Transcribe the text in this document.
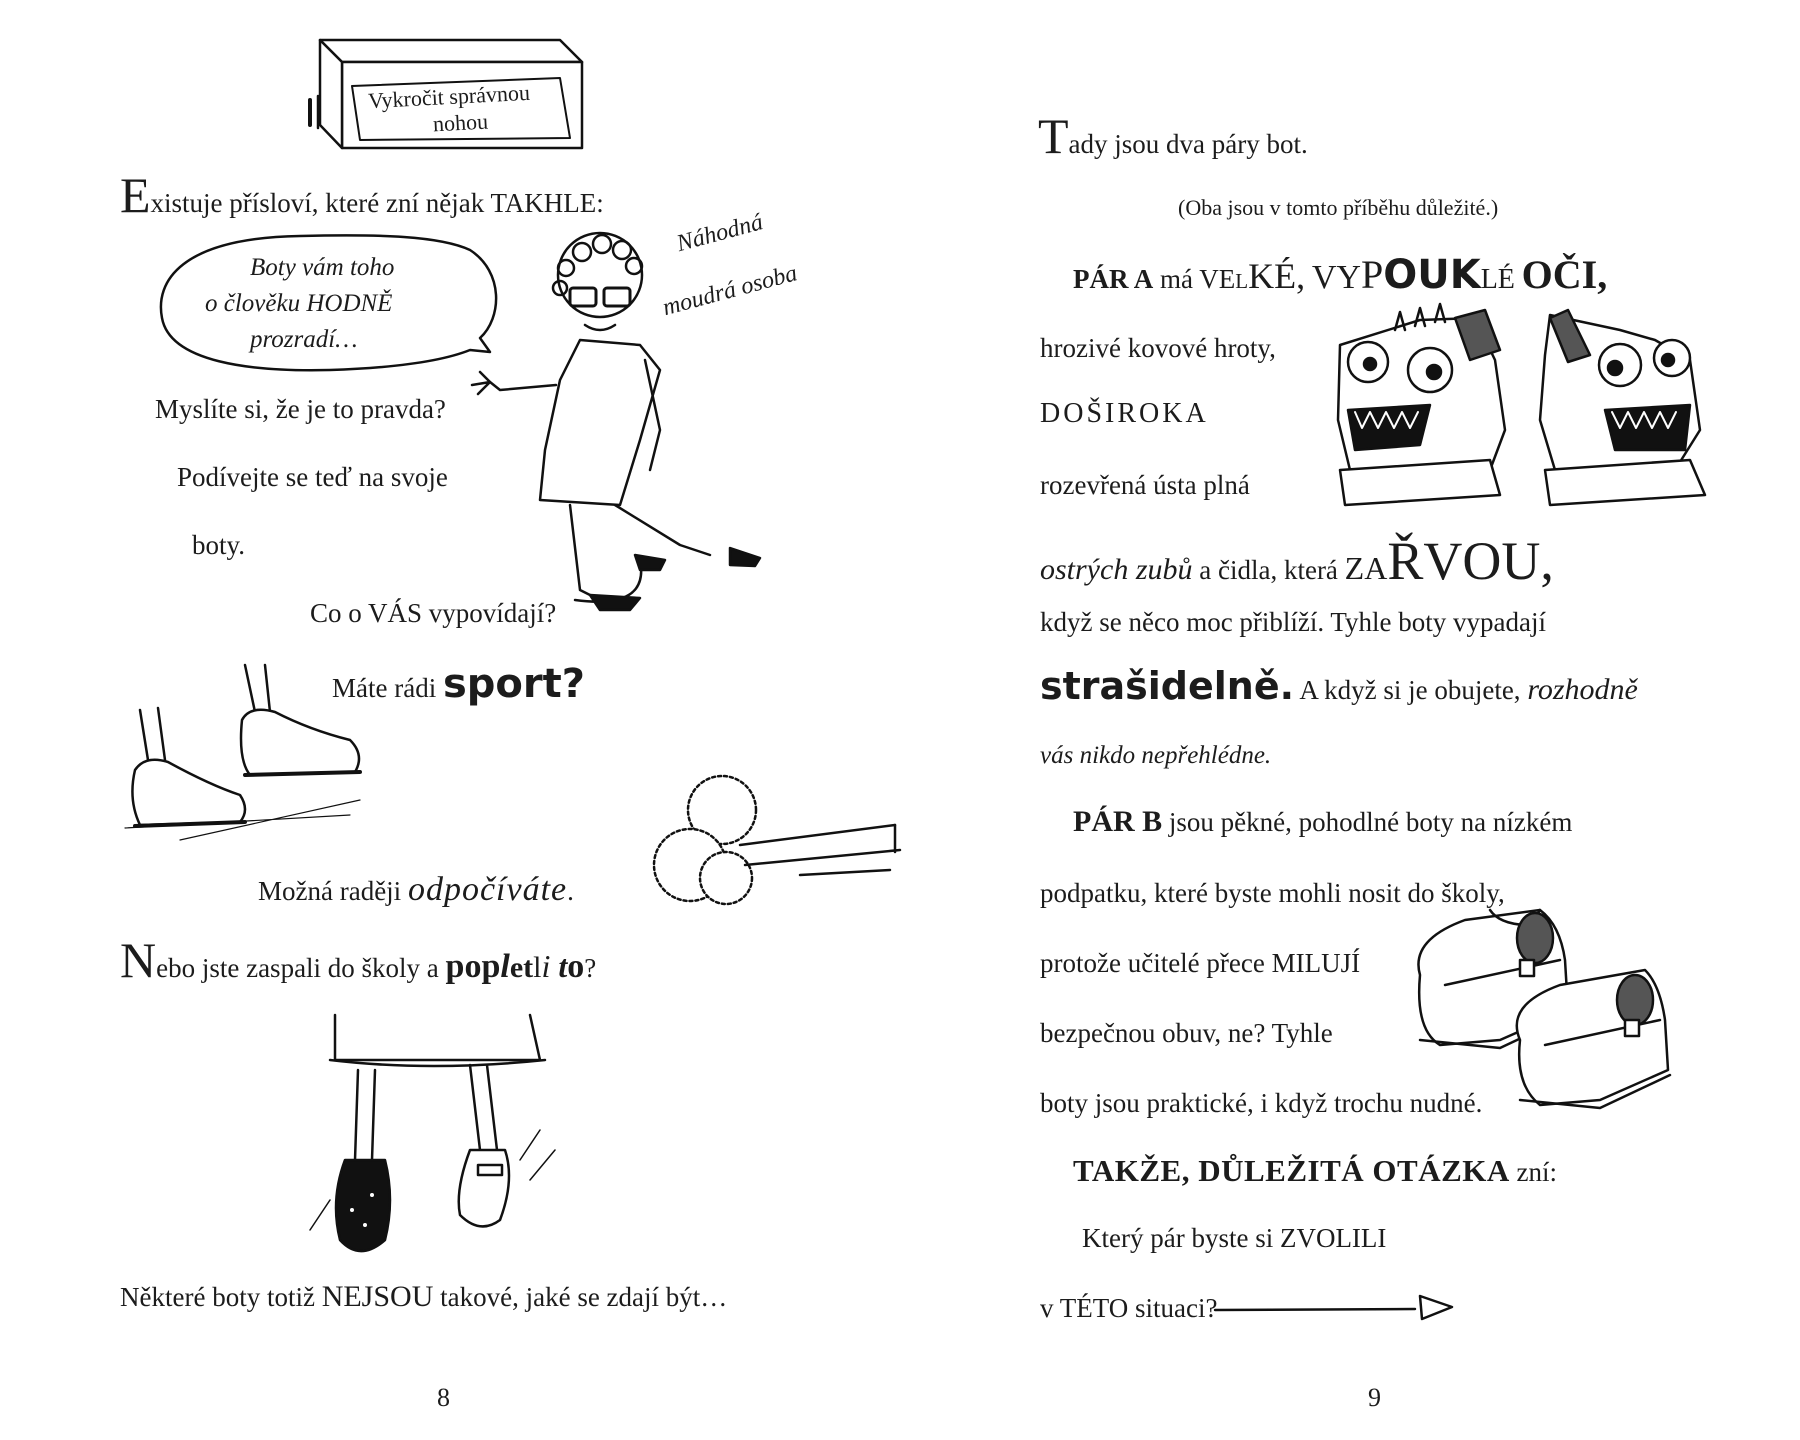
Vykročit správnou
nohou
Existuje přísloví, které zní nějak TAKHLE:
Boty vám toho
o člověku HODNĚ
prozradí…
Náhodná
moudrá osoba
Myslíte si, že je to pravda?
Podívejte se teď na svoje
boty.
Co o VÁS vypovídají?
Máte rádi sport?
Možná raději odpočíváte.
Nebo jste zaspali do školy a popletli to?
Některé boty totiž NEJSOU takové, jaké se zdají být…
8
Tady jsou dva páry bot.
(Oba jsou v tomto příběhu důležité.)
PÁR A má VELKÉ, VYPOUKLÉ OČI,
hrozivé kovové hroty,
DOŠIROKA
rozevřená ústa plná
ostrých zubů a čidla, která ZAŘVOU,
když se něco moc přiblíží. Tyhle boty vypadají
strašidelně. A když si je obujete, rozhodně
vás nikdo nepřehlédne.
PÁR B jsou pěkné, pohodlné boty na nízkém
podpatku, které byste mohli nosit do školy,
protože učitelé přece MILUJÍ
bezpečnou obuv, ne? Tyhle
boty jsou praktické, i když trochu nudné.
TAKŽE, DŮLEŽITÁ OTÁZKA zní:
Který pár byste si ZVOLILI
v TÉTO situaci?
9
